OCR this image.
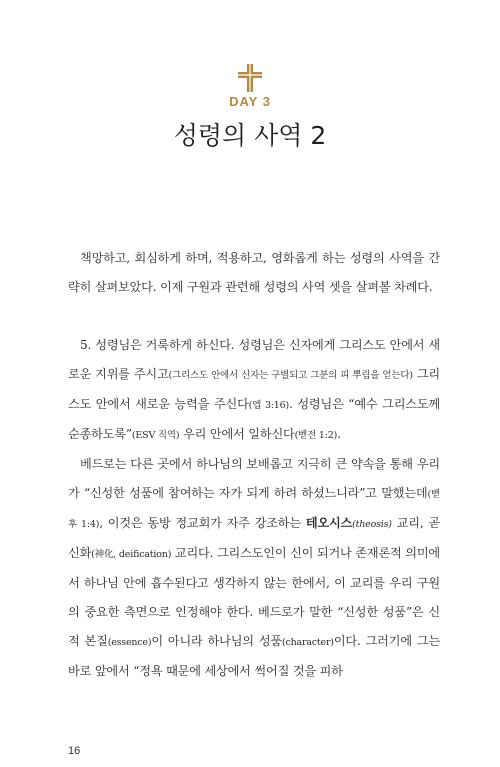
DAY 3
성령의 사역 2

책망하고, 회심하게 하며, 적용하고, 영화롭게 하는 성령의 사역을 간략히 살펴보았다. 이제 구원과 관련해 성령의 사역 셋을 살펴볼 차례다.

5. 성령님은 거룩하게 하신다. 성령님은 신자에게 그리스도 안에서 새로운 지위를 주시고(그리스도 안에서 신자는 구별되고 그분의 피 뿌림을 얻는다) 그리스도 안에서 새로운 능력을 주신다(엡 3:16). 성령님은 “예수 그리스도께 순종하도록”(ESV 직역) 우리 안에서 일하신다(벧전 1:2).

베드로는 다른 곳에서 하나님의 보배롭고 지극히 큰 약속을 통해 우리가 “신성한 성품에 참여하는 자가 되게 하려 하셨느니라”고 말했는데(벧후 1:4), 이것은 동방 정교회가 자주 강조하는 테오시스(theosis) 교리, 곧 신화(神化, deification) 교리다. 그리스도인이 신이 되거나 존재론적 의미에서 하나님 안에 흡수된다고 생각하지 않는 한에서, 이 교리를 우리 구원의 중요한 측면으로 인정해야 한다. 베드로가 말한 “신성한 성품”은 신적 본질(essence)이 아니라 하나님의 성품(character)이다. 그러기에 그는 바로 앞에서 “정욕 때문에 세상에서 썩어질 것을 피하

16
